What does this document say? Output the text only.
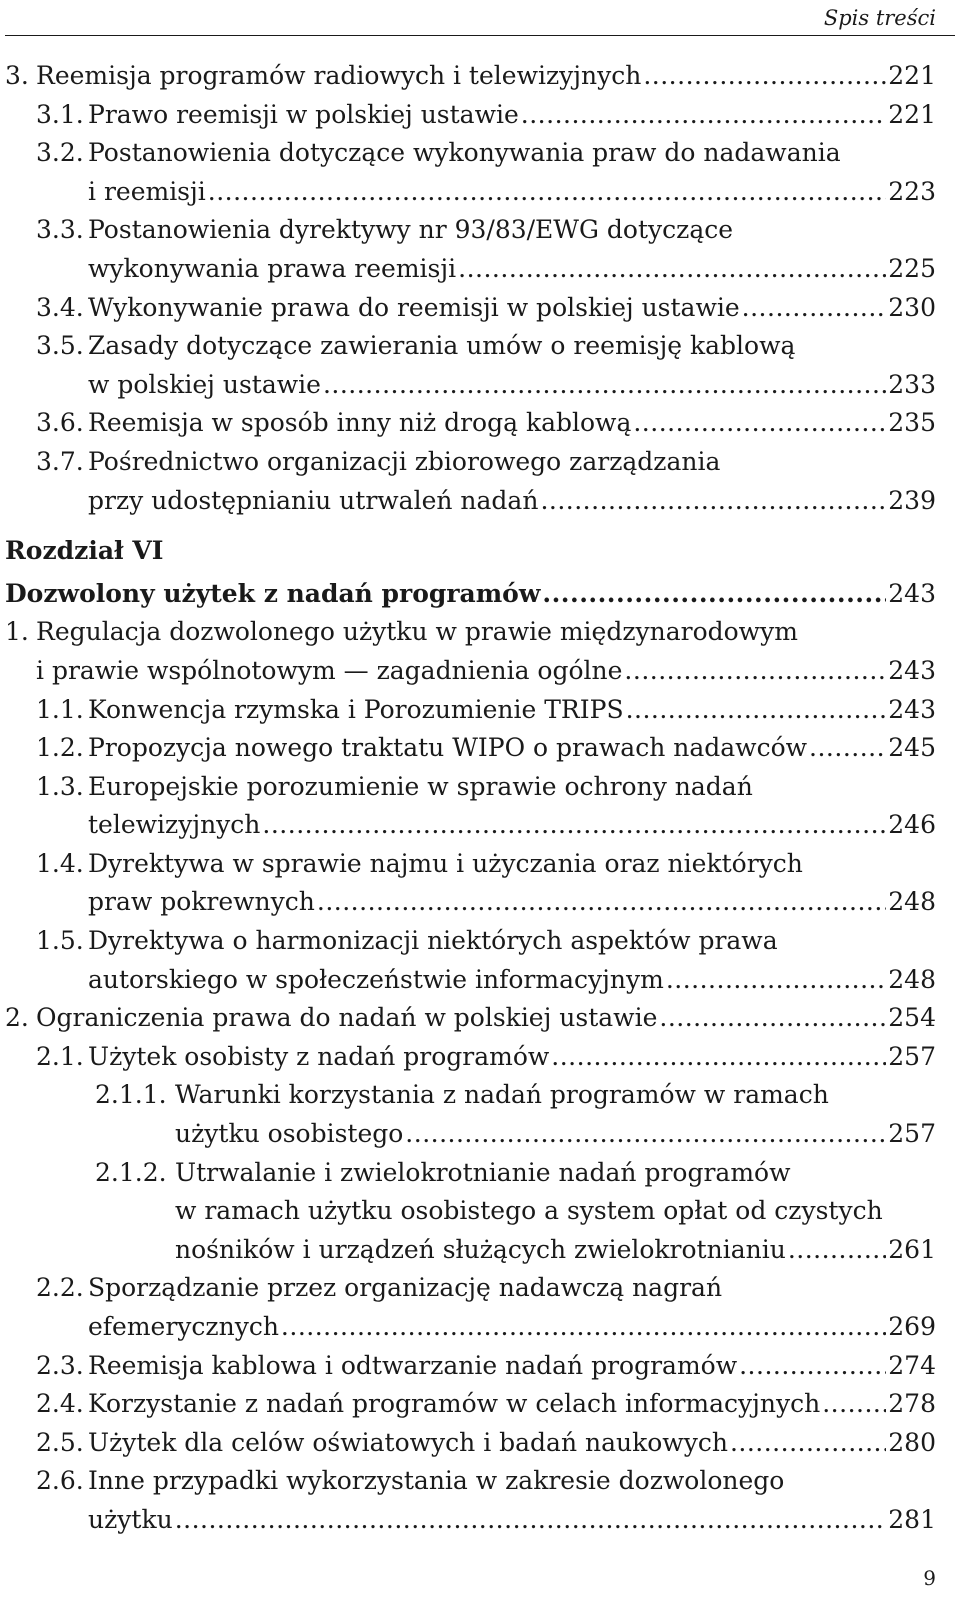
Spis treści
3. Reemisja programów radiowych i telewizyjnych .....	221
3.1. Prawo reemisji w polskiej ustawie .....	221
3.2. Postanowienia dotyczące wykonywania praw do nadawania
i reemisji .....	223
3.3. Postanowienia dyrektywy nr 93/83/EWG dotyczące
wykonywania prawa reemisji .....	225
3.4. Wykonywanie prawa do reemisji w polskiej ustawie .....	230
3.5. Zasady dotyczące zawierania umów o reemisję kablową
w polskiej ustawie .....	233
3.6. Reemisja w sposób inny niż drogą kablową .....	235
3.7. Pośrednictwo organizacji zbiorowego zarządzania
przy udostępnianiu utrwaleń nadań .....	239
Rozdział VI
Dozwolony użytek z nadań programów .....	243
1. Regulacja dozwolonego użytku w prawie międzynarodowym
i prawie wspólnotowym — zagadnienia ogólne .....	243
1.1. Konwencja rzymska i Porozumienie TRIPS .....	243
1.2. Propozycja nowego traktatu WIPO o prawach nadawców .....	245
1.3. Europejskie porozumienie w sprawie ochrony nadań
telewizyjnych .....	246
1.4. Dyrektywa w sprawie najmu i użyczania oraz niektórych
praw pokrewnych .....	248
1.5. Dyrektywa o harmonizacji niektórych aspektów prawa
autorskiego w społeczeństwie informacyjnym .....	248
2. Ograniczenia prawa do nadań w polskiej ustawie .....	254
2.1. Użytek osobisty z nadań programów .....	257
2.1.1. Warunki korzystania z nadań programów w ramach
użytku osobistego .....	257
2.1.2. Utrwalanie i zwielokrotnianie nadań programów
w ramach użytku osobistego a system opłat od czystych
nośników i urządzeń służących zwielokrotnianiu .....	261
2.2. Sporządzanie przez organizację nadawczą nagrań
efemerycznych .....	269
2.3. Reemisja kablowa i odtwarzanie nadań programów .....	274
2.4. Korzystanie z nadań programów w celach informacyjnych .....	278
2.5. Użytek dla celów oświatowych i badań naukowych .....	280
2.6. Inne przypadki wykorzystania w zakresie dozwolonego
użytku .....	281
9
